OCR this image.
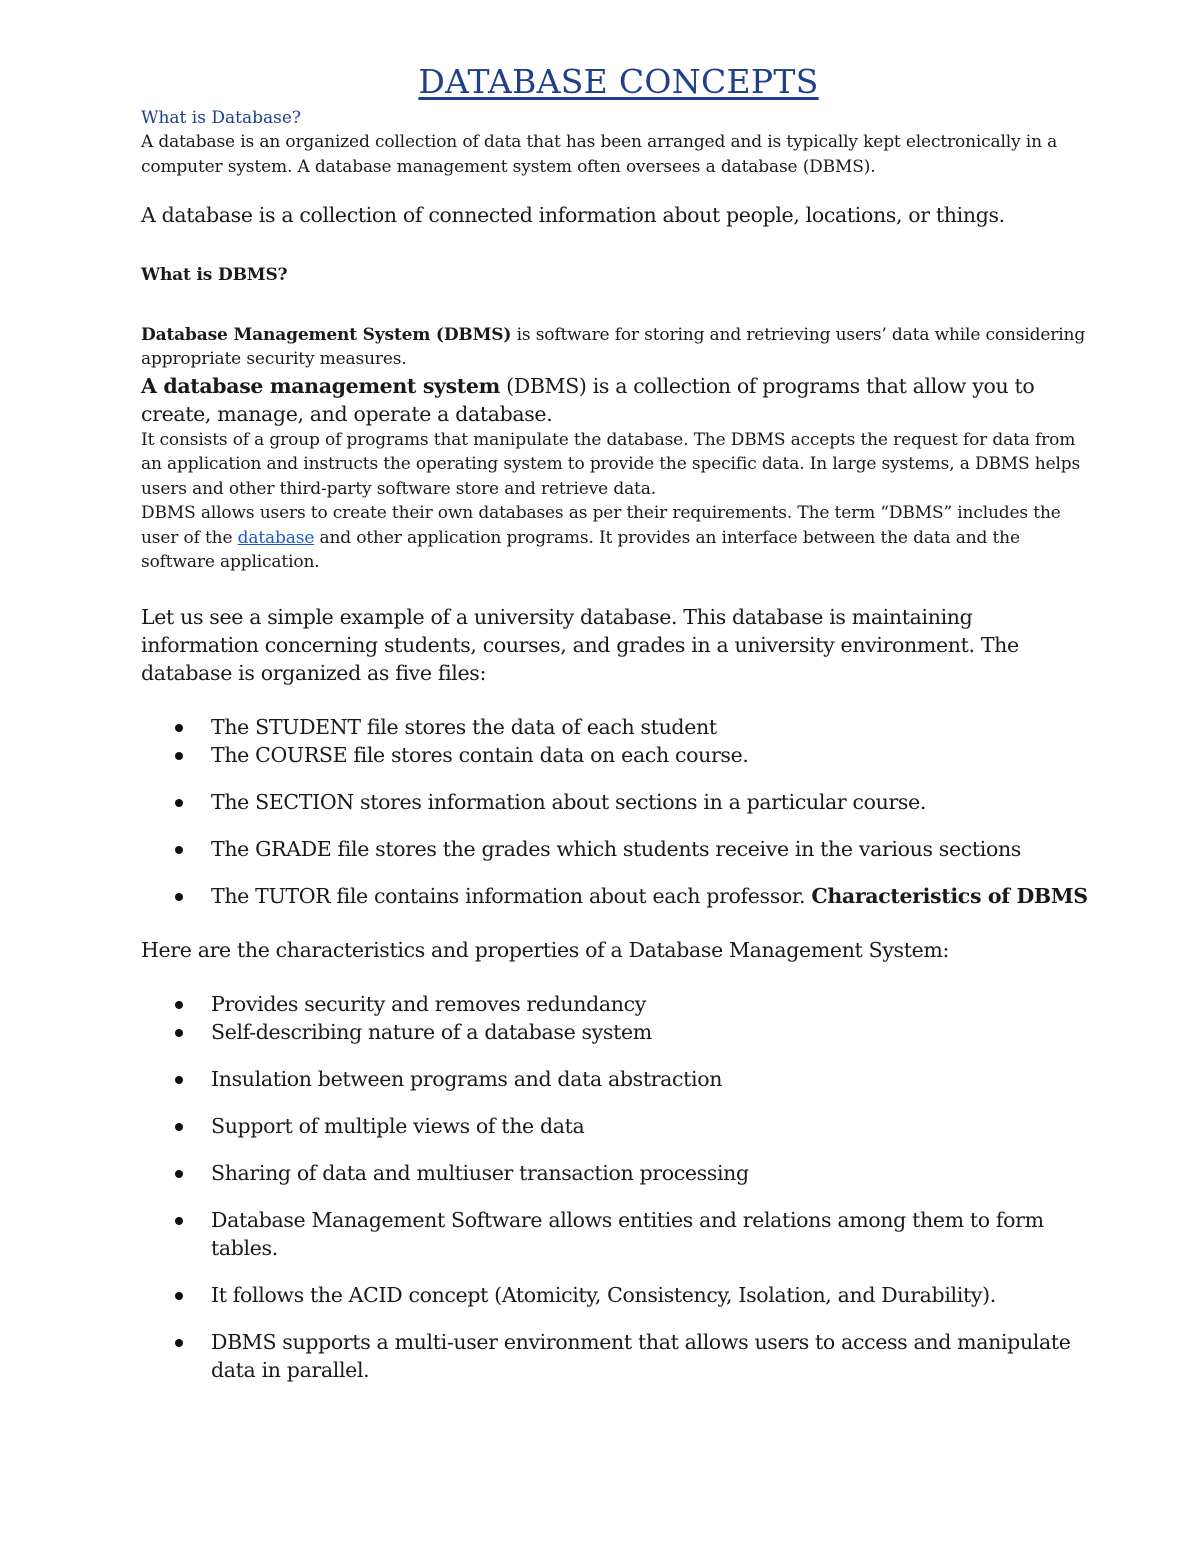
DATABASE CONCEPTS

What is Database?

A database is an organized collection of data that has been arranged and is typically kept electronically in a computer system. A database management system often oversees a database (DBMS).

A database is a collection of connected information about people, locations, or things.

What is DBMS?

Database Management System (DBMS) is software for storing and retrieving users’ data while considering appropriate security measures.

A database management system (DBMS) is a collection of programs that allow you to create, manage, and operate a database.

It consists of a group of programs that manipulate the database. The DBMS accepts the request for data from an application and instructs the operating system to provide the specific data. In large systems, a DBMS helps users and other third-party software store and retrieve data.

DBMS allows users to create their own databases as per their requirements. The term “DBMS” includes the user of the database and other application programs. It provides an interface between the data and the software application.

Let us see a simple example of a university database. This database is maintaining information concerning students, courses, and grades in a university environment. The database is organized as five files:

The STUDENT file stores the data of each student
The COURSE file stores contain data on each course.
The SECTION stores information about sections in a particular course.
The GRADE file stores the grades which students receive in the various sections
The TUTOR file contains information about each professor. Characteristics of DBMS

Here are the characteristics and properties of a Database Management System:

Provides security and removes redundancy
Self-describing nature of a database system
Insulation between programs and data abstraction
Support of multiple views of the data
Sharing of data and multiuser transaction processing
Database Management Software allows entities and relations among them to form tables.
It follows the ACID concept (Atomicity, Consistency, Isolation, and Durability).
DBMS supports a multi-user environment that allows users to access and manipulate data in parallel.
